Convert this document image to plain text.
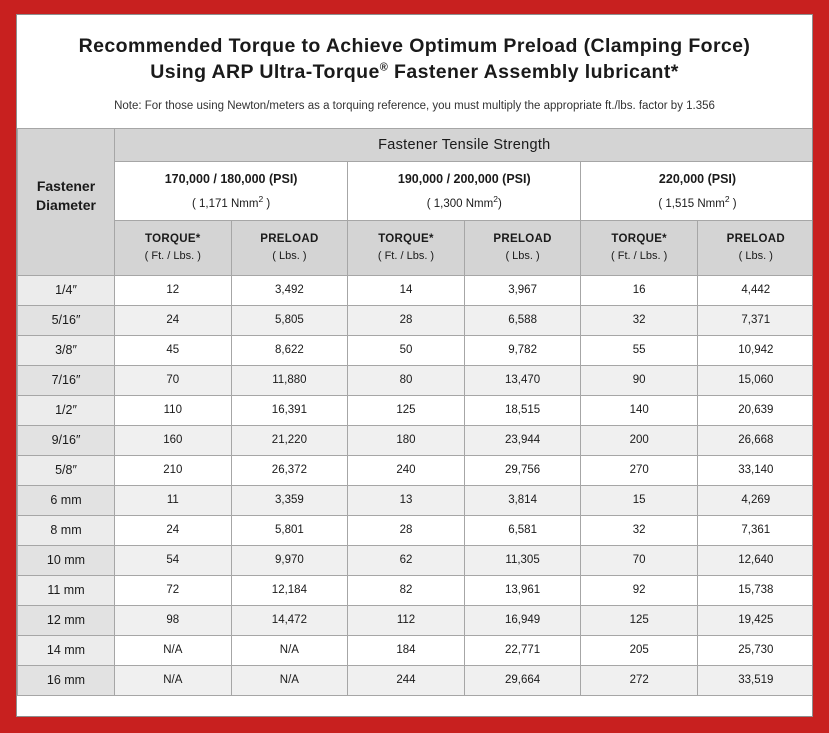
Recommended Torque to Achieve Optimum Preload (Clamping Force)
Using ARP Ultra-Torque® Fastener Assembly lubricant*
Note: For those using Newton/meters as a torquing reference, you must multiply the appropriate ft./lbs. factor by 1.356
Fastener
Diameter	Fastener Tensile Strength					

170,000 / 180,000 (PSI)
( 1,171 Nmm$^2$ )

190,000 / 200,000 (PSI)
( 1,300 Nmm$^2$)

220,000 (PSI)
( 1,515 Nmm$^2$ )

TORQUE*
( Ft. / Lbs. )

PRELOAD
( Lbs. )

TORQUE*
( Ft. / Lbs. )

PRELOAD
( Lbs. )

TORQUE*
( Ft. / Lbs. )

PRELOAD
( Lbs. )

1/4″	12	3,492	14	3,967	16	4,442
5/16″	24	5,805	28	6,588	32	7,371
3/8″	45	8,622	50	9,782	55	10,942
7/16″	70	11,880	80	13,470	90	15,060
1/2″	110	16,391	125	18,515	140	20,639
9/16″	160	21,220	180	23,944	200	26,668
5/8″	210	26,372	240	29,756	270	33,140
6 mm	11	3,359	13	3,814	15	4,269
8 mm	24	5,801	28	6,581	32	7,361
10 mm	54	9,970	62	11,305	70	12,640
11 mm	72	12,184	82	13,961	92	15,738
12 mm	98	14,472	112	16,949	125	19,425
14 mm	N/A	N/A	184	22,771	205	25,730
16 mm	N/A	N/A	244	29,664	272	33,519
